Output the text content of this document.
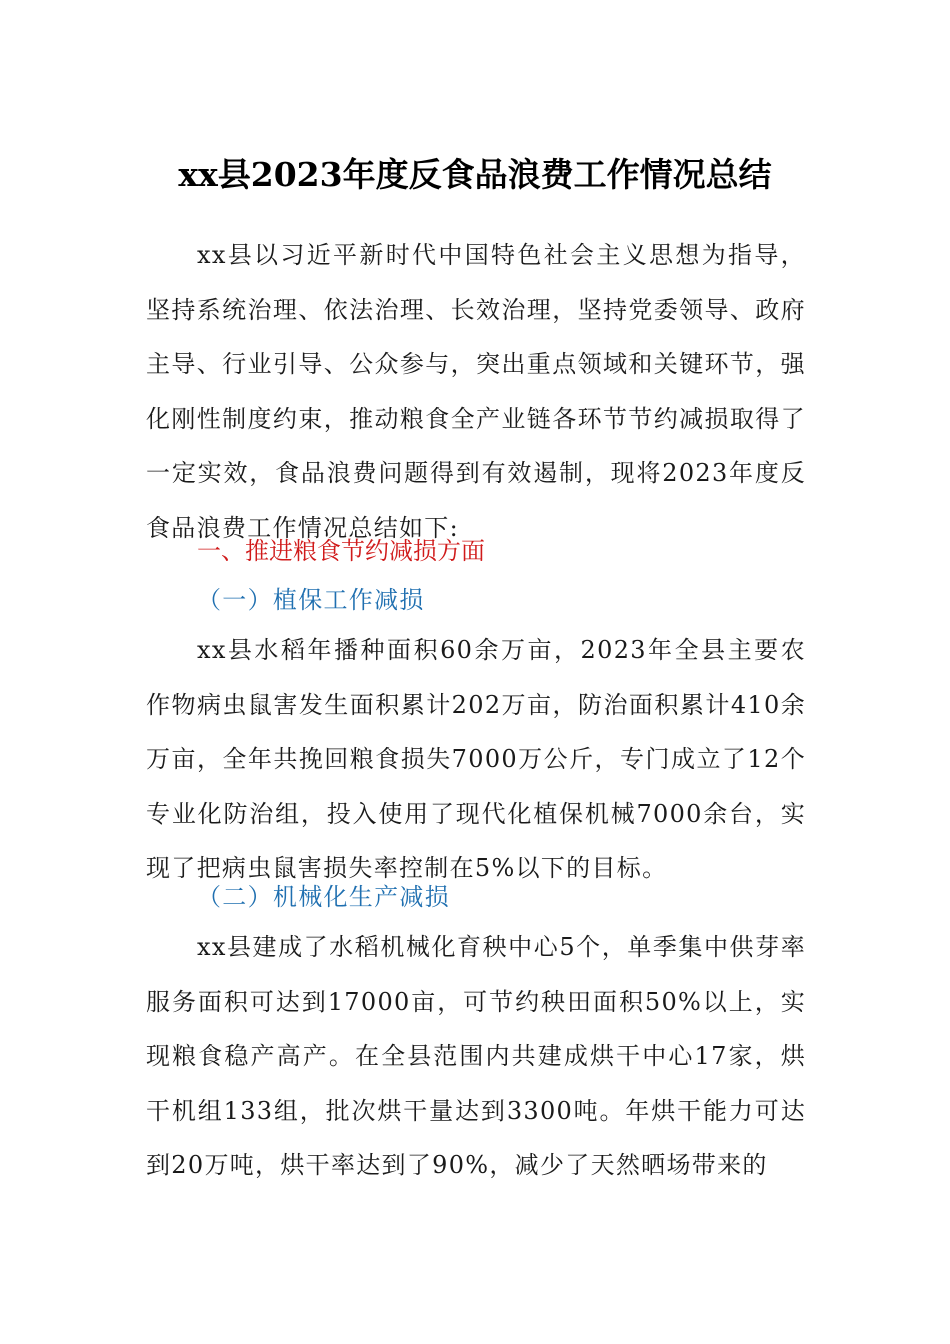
xx县2023年度反食品浪费工作情况总结

xx县以习近平新时代中国特色社会主义思想为指导，坚持系统治理、依法治理、长效治理，坚持党委领导、政府主导、行业引导、公众参与，突出重点领域和关键环节，强化刚性制度约束，推动粮食全产业链各环节节约减损取得了一定实效，食品浪费问题得到有效遏制，现将2023年度反食品浪费工作情况总结如下:

一、推进粮食节约减损方面
（一）植保工作减损

xx县水稻年播种面积60余万亩，2023年全县主要农作物病虫鼠害发生面积累计202万亩，防治面积累计410余万亩，全年共挽回粮食损失7000万公斤，专门成立了12个专业化防治组，投入使用了现代化植保机械7000余台，实现了把病虫鼠害损失率控制在5%以下的目标。

（二）机械化生产减损

xx县建成了水稻机械化育秧中心5个，单季集中供芽率服务面积可达到17000亩，可节约秧田面积50%以上，实现粮食稳产高产。在全县范围内共建成烘干中心17家，烘干机组133组，批次烘干量达到3300吨。年烘干能力可达到20万吨，烘干率达到了90%，减少了天然晒场带来的
